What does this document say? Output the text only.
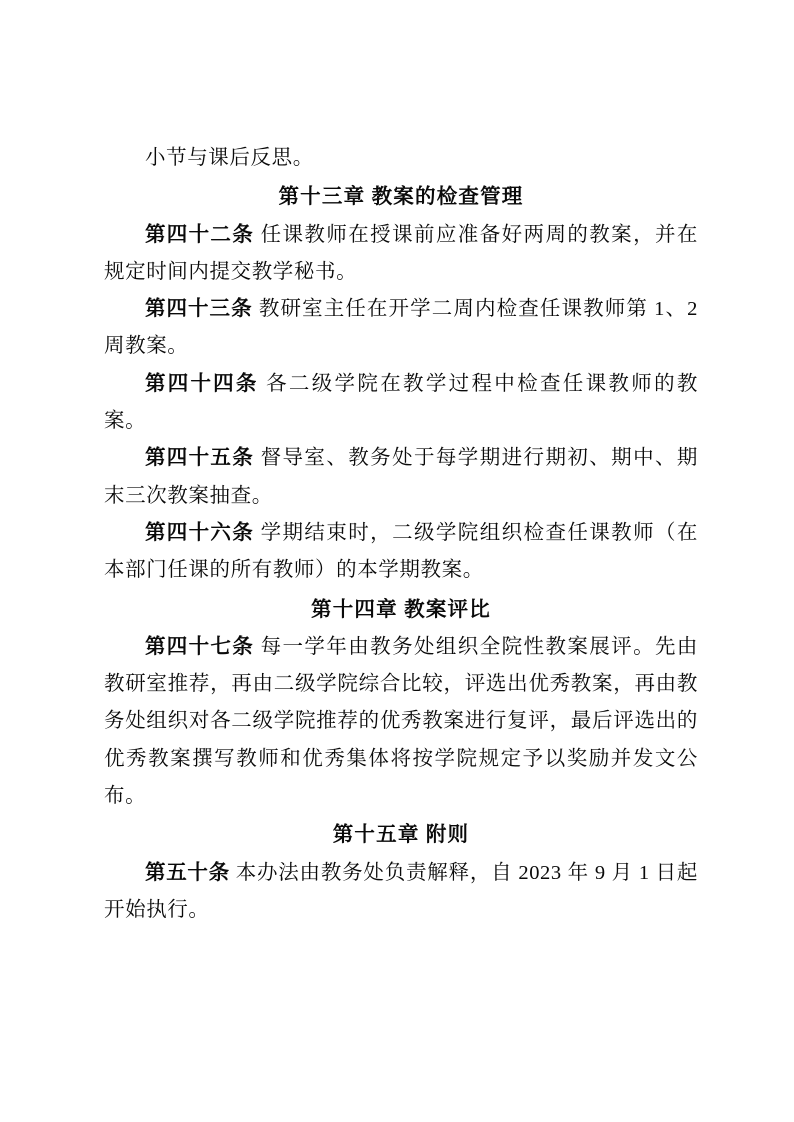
小节与课后反思。

第十三章 教案的检查管理

第四十二条 任课教师在授课前应准备好两周的教案，并在规定时间内提交教学秘书。

第四十三条 教研室主任在开学二周内检查任课教师第 1、2 周教案。

第四十四条 各二级学院在教学过程中检查任课教师的教案。

第四十五条 督导室、教务处于每学期进行期初、期中、期末三次教案抽查。

第四十六条 学期结束时，二级学院组织检查任课教师（在本部门任课的所有教师）的本学期教案。

第十四章 教案评比

第四十七条 每一学年由教务处组织全院性教案展评。先由教研室推荐，再由二级学院综合比较，评选出优秀教案，再由教务处组织对各二级学院推荐的优秀教案进行复评，最后评选出的优秀教案撰写教师和优秀集体将按学院规定予以奖励并发文公布。

第十五章 附则

第五十条 本办法由教务处负责解释，自 2023 年 9 月 1 日起开始执行。
